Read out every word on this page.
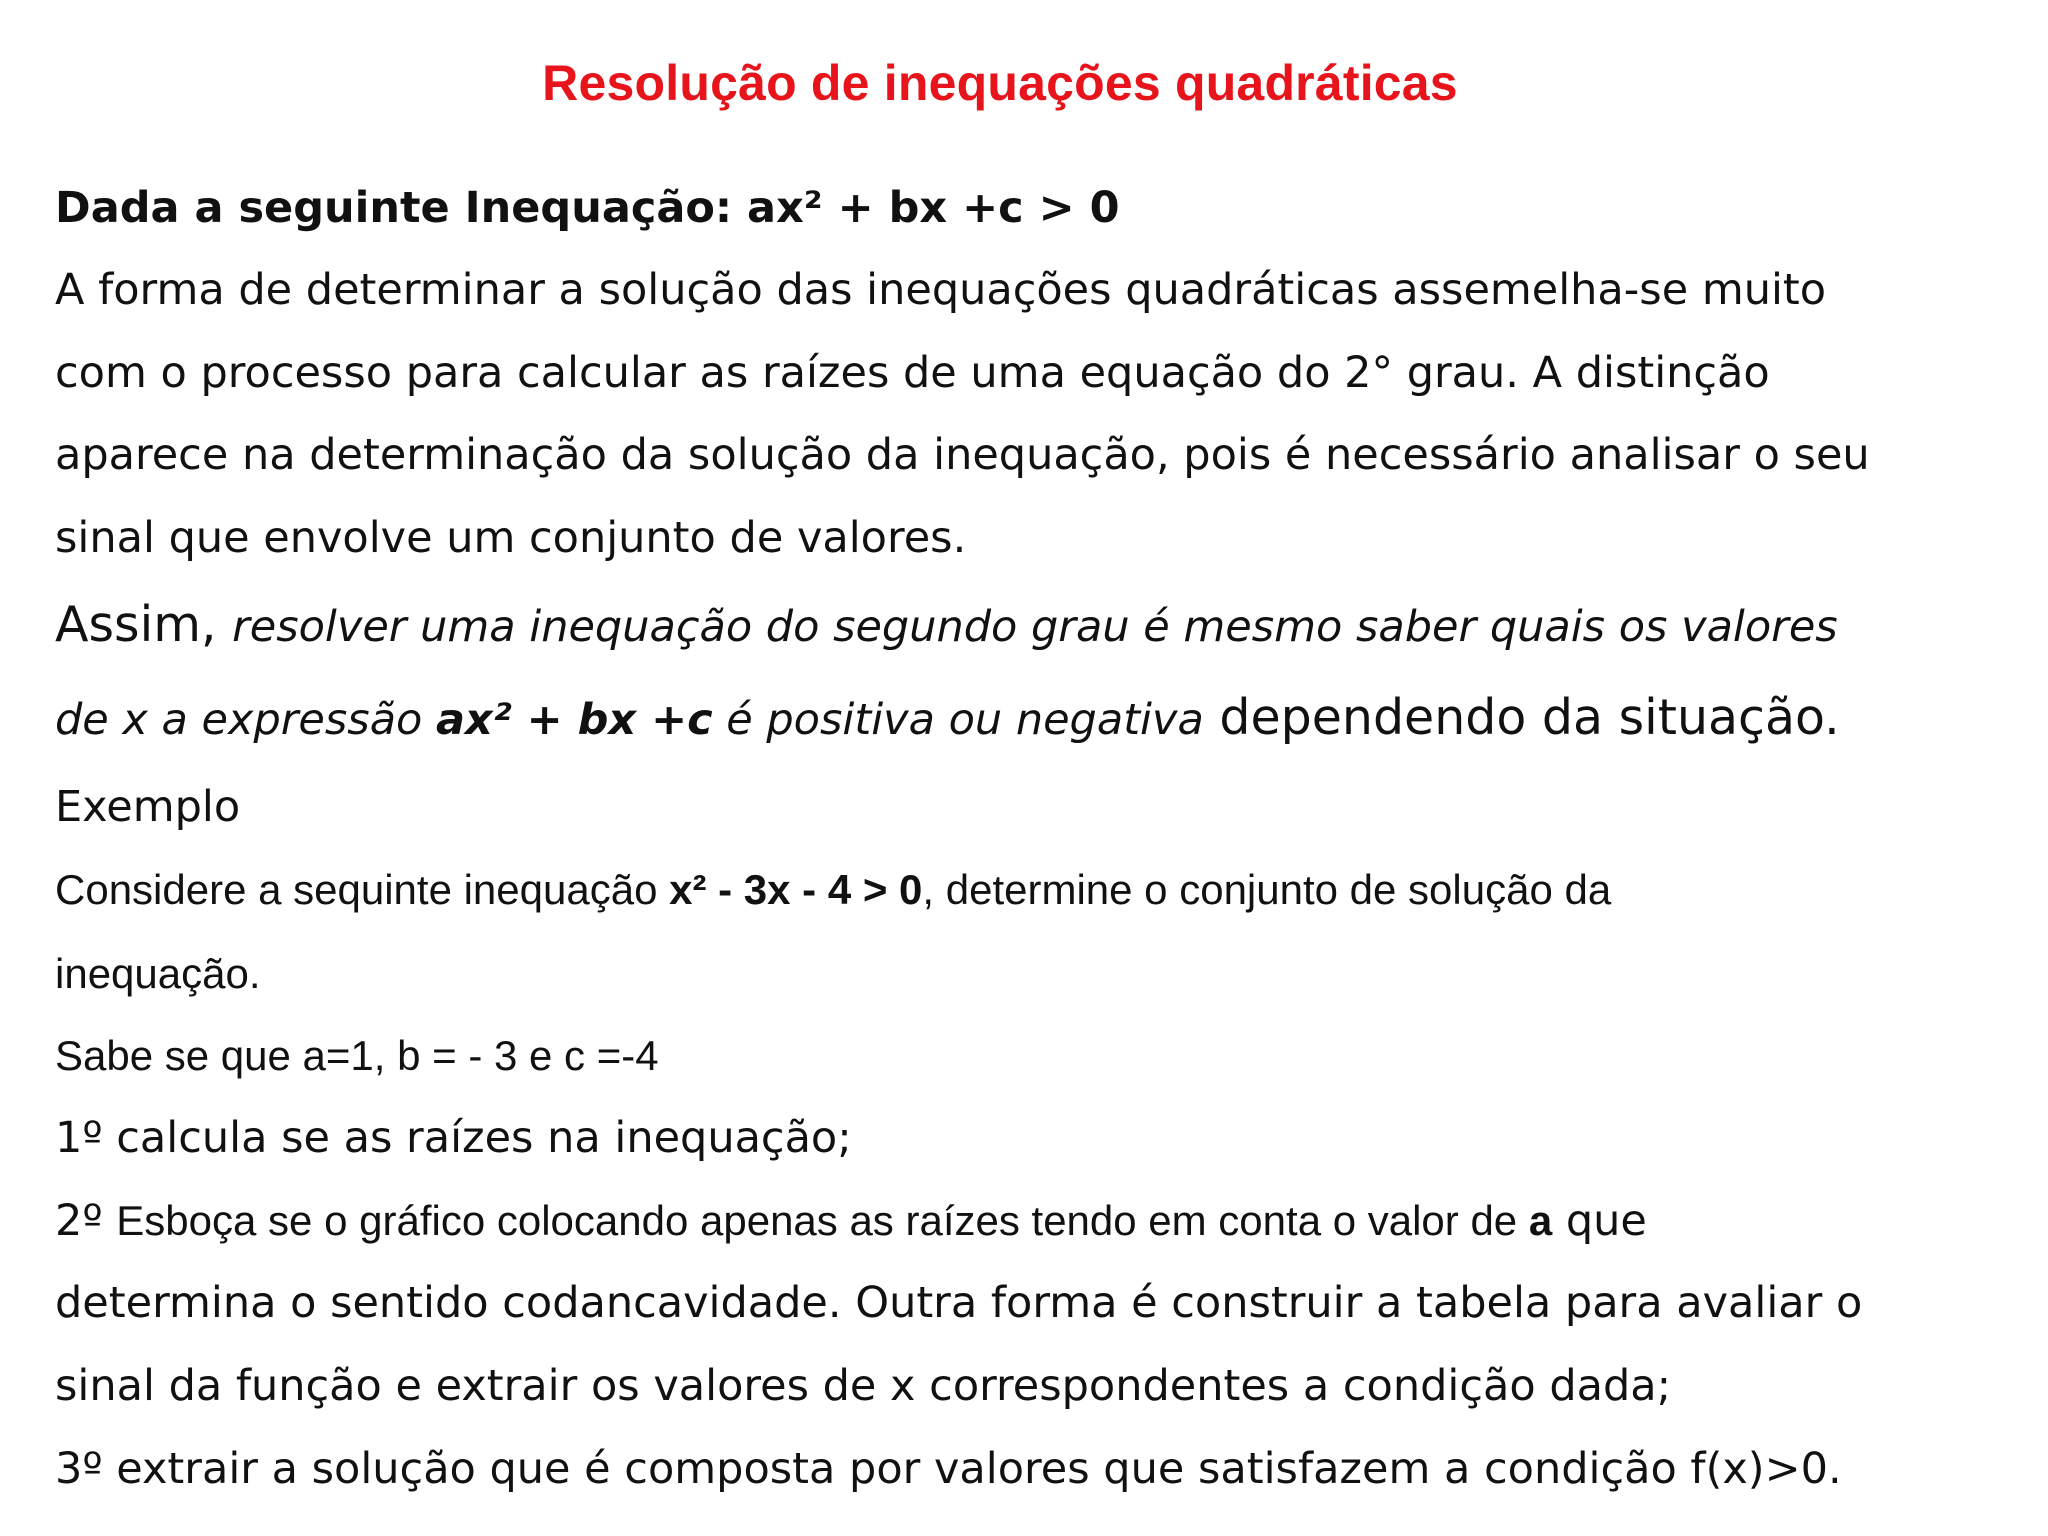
Resolução de inequações quadráticas
Dada a seguinte Inequação: ax² + bx +c > 0
A forma de determinar a solução das inequações quadráticas assemelha-se muito
com o processo para calcular as raízes de uma equação do 2° grau. A distinção
aparece na determinação da solução da inequação, pois é necessário analisar o seu
sinal que envolve um conjunto de valores.
Assim, resolver uma inequação do segundo grau é mesmo saber quais os valores
de x a expressão ax² + bx +c é positiva ou negativa dependendo da situação.
Exemplo
Considere a sequinte inequação x² - 3x - 4 > 0, determine o conjunto de solução da
inequação.
Sabe se que a=1, b = - 3 e c =-4
1º calcula se as raízes na inequação;
2º Esboça se o gráfico colocando apenas as raízes tendo em conta o valor de a que
determina o sentido codancavidade. Outra forma é construir a tabela para avaliar o
sinal da função e extrair os valores de x correspondentes a condição dada;
3º extrair a solução que é composta por valores que satisfazem a condição f(x)>0.
